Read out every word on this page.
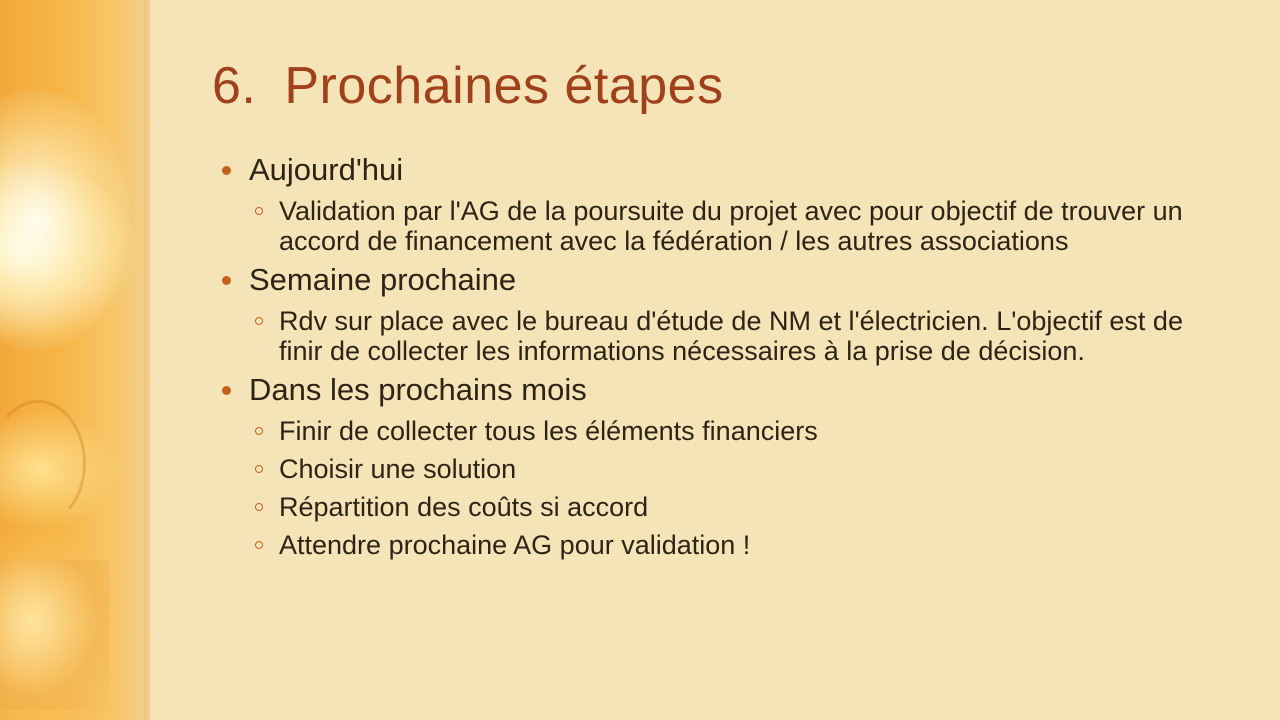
6. Prochaines étapes
Aujourd'hui
Validation par l'AG de la poursuite du projet avec pour objectif de trouver un accord de financement avec la fédération / les autres associations
Semaine prochaine
Rdv sur place avec le bureau d'étude de NM et l'électricien. L'objectif est de finir de collecter les informations nécessaires à la prise de décision.
Dans les prochains mois
Finir de collecter tous les éléments financiers
Choisir une solution
Répartition des coûts si accord
Attendre prochaine AG pour validation !
